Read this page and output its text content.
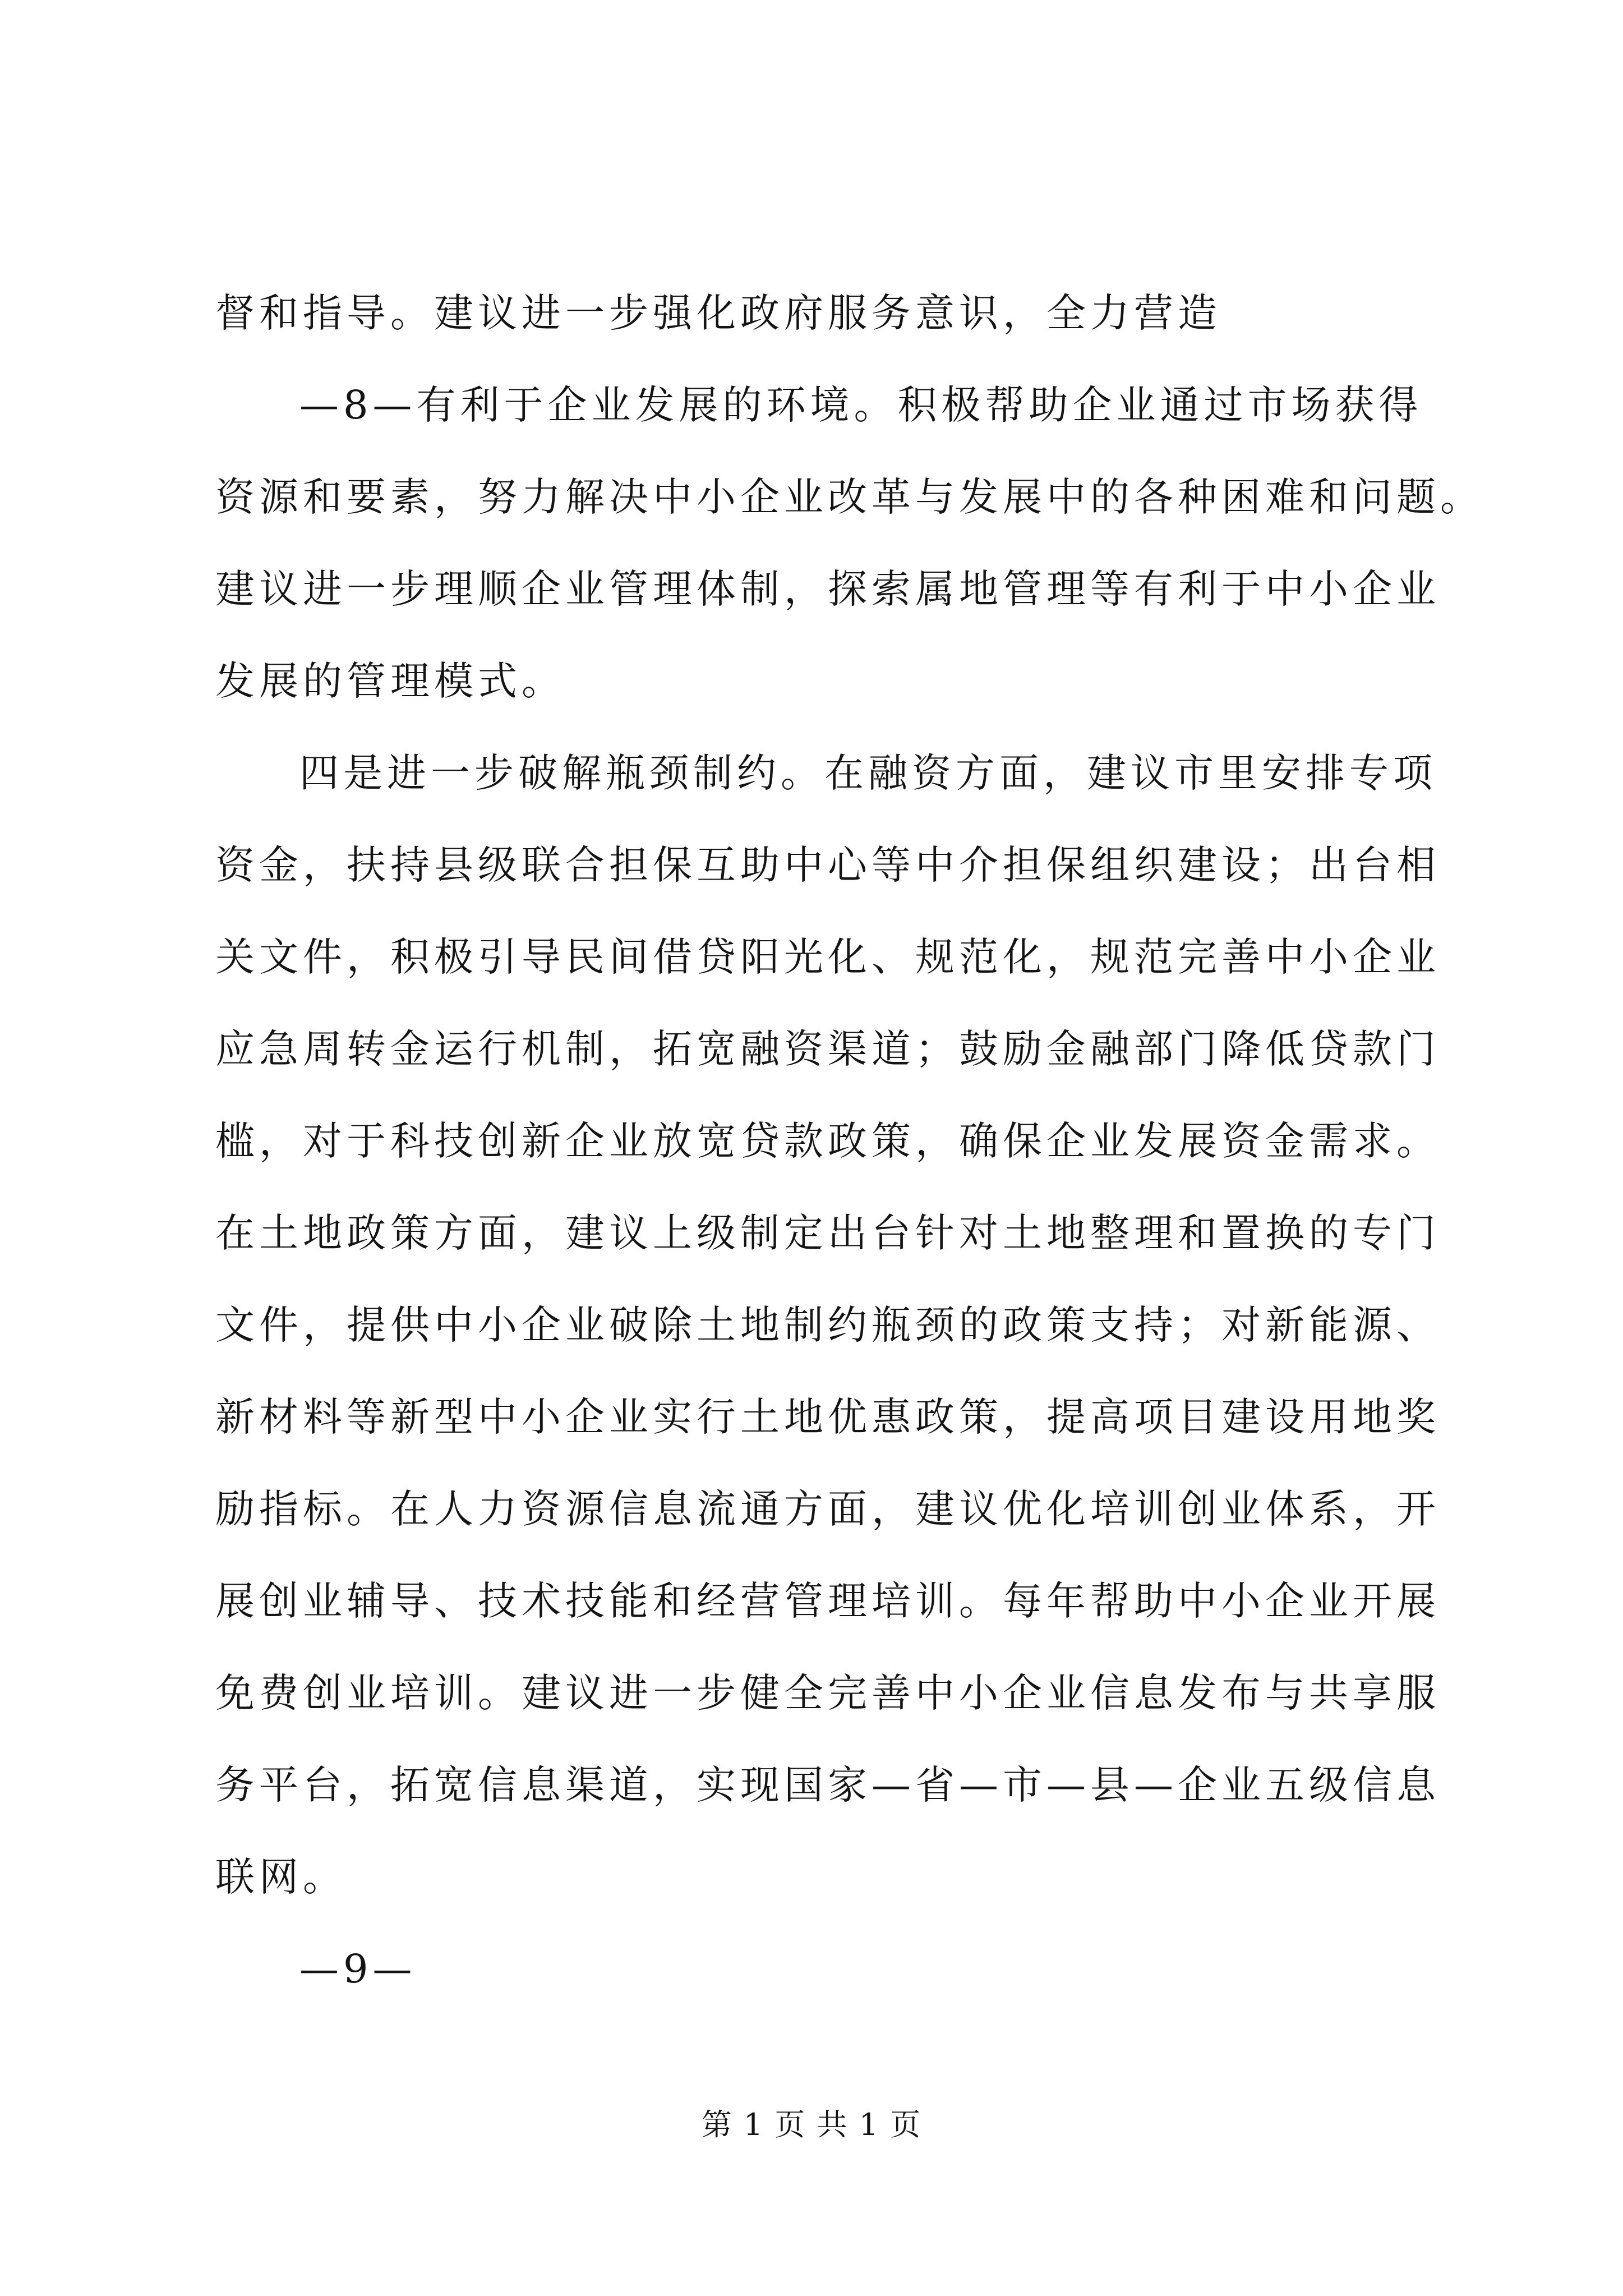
督和指导。建议进一步强化政府服务意识，全力营造
—8—有利于企业发展的环境。积极帮助企业通过市场获得
资源和要素，努力解决中小企业改革与发展中的各种困难和问题。
建议进一步理顺企业管理体制，探索属地管理等有利于中小企业
发展的管理模式。
四是进一步破解瓶颈制约。在融资方面，建议市里安排专项
资金，扶持县级联合担保互助中心等中介担保组织建设；出台相
关文件，积极引导民间借贷阳光化、规范化，规范完善中小企业
应急周转金运行机制，拓宽融资渠道；鼓励金融部门降低贷款门
槛，对于科技创新企业放宽贷款政策，确保企业发展资金需求。
在土地政策方面，建议上级制定出台针对土地整理和置换的专门
文件，提供中小企业破除土地制约瓶颈的政策支持；对新能源、
新材料等新型中小企业实行土地优惠政策，提高项目建设用地奖
励指标。在人力资源信息流通方面，建议优化培训创业体系，开
展创业辅导、技术技能和经营管理培训。每年帮助中小企业开展
免费创业培训。建议进一步健全完善中小企业信息发布与共享服
务平台，拓宽信息渠道，实现国家—省—市—县—企业五级信息
联网。
—9—
第 1 页 共 1 页
